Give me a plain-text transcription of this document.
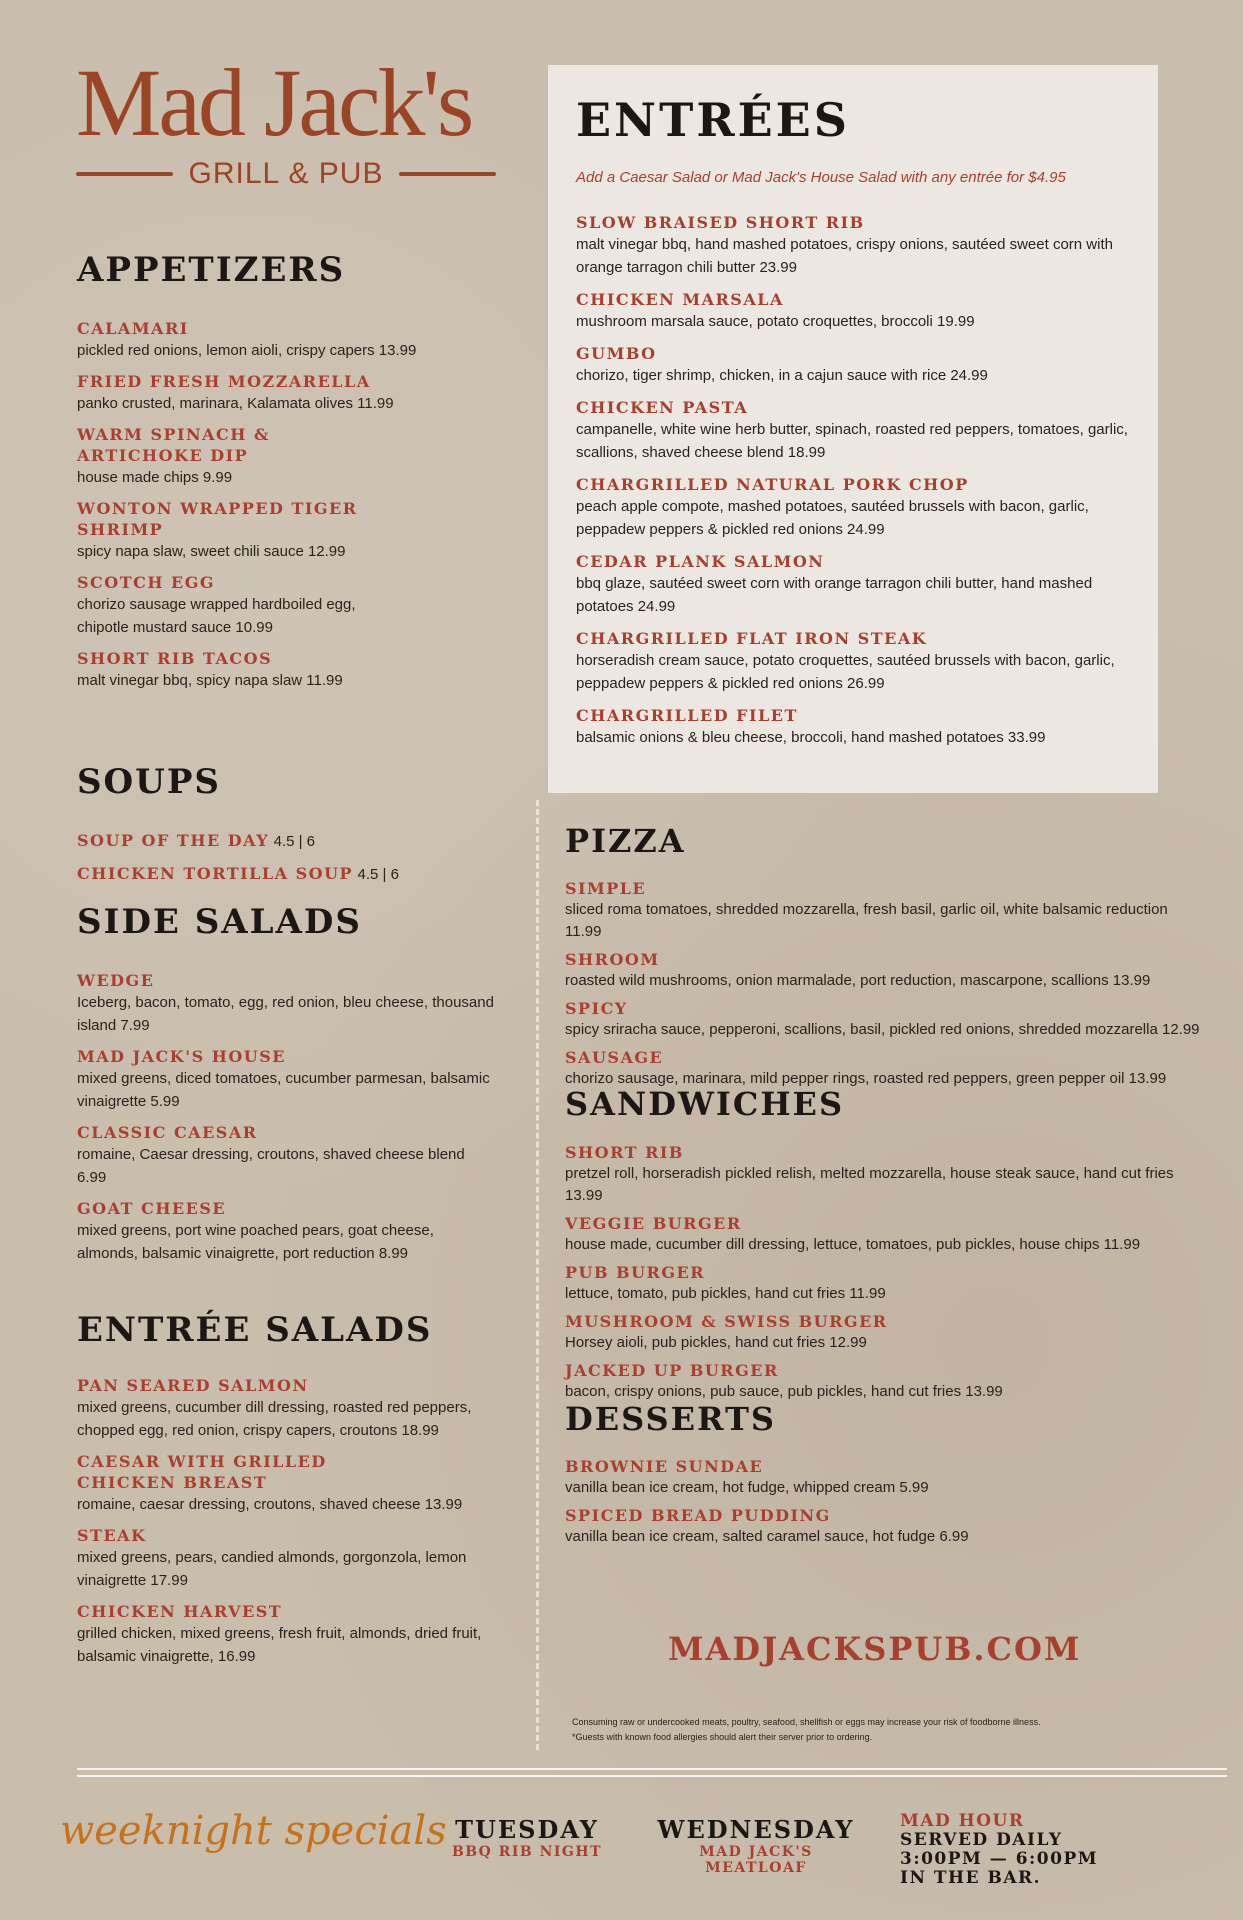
Mad Jack's
GRILL & PUB
APPETIZERS
CALAMARI
pickled red onions, lemon aioli, crispy capers 13.99
FRIED FRESH MOZZARELLA
panko crusted, marinara, Kalamata olives 11.99
WARM SPINACH & ARTICHOKE DIP
house made chips 9.99
WONTON WRAPPED TIGER SHRIMP
spicy napa slaw, sweet chili sauce 12.99
SCOTCH EGG
chorizo sausage wrapped hardboiled egg, chipotle mustard sauce 10.99
SHORT RIB TACOS
malt vinegar bbq, spicy napa slaw 11.99
SOUPS
SOUP OF THE DAY 4.5 | 6
CHICKEN TORTILLA SOUP 4.5 | 6
SIDE SALADS
WEDGE
Iceberg, bacon, tomato, egg, red onion, bleu cheese, thousand island 7.99
MAD JACK'S HOUSE
mixed greens, diced tomatoes, cucumber parmesan, balsamic vinaigrette 5.99
CLASSIC CAESAR
romaine, Caesar dressing, croutons, shaved cheese blend 6.99
GOAT CHEESE
mixed greens, port wine poached pears, goat cheese, almonds, balsamic vinaigrette, port reduction 8.99
ENTRÉE SALADS
PAN SEARED SALMON
mixed greens, cucumber dill dressing, roasted red peppers, chopped egg, red onion, crispy capers, croutons 18.99
CAESAR WITH GRILLED CHICKEN BREAST
romaine, caesar dressing, croutons, shaved cheese 13.99
STEAK
mixed greens, pears, candied almonds, gorgonzola, lemon vinaigrette 17.99
CHICKEN HARVEST
grilled chicken, mixed greens, fresh fruit, almonds, dried fruit, balsamic vinaigrette, 16.99
ENTRÉES
Add a Caesar Salad or Mad Jack's House Salad with any entrée for $4.95
SLOW BRAISED SHORT RIB
malt vinegar bbq, hand mashed potatoes, crispy onions, sautéed sweet corn with orange tarragon chili butter 23.99
CHICKEN MARSALA
mushroom marsala sauce, potato croquettes, broccoli 19.99
GUMBO
chorizo, tiger shrimp, chicken, in a cajun sauce with rice 24.99
CHICKEN PASTA
campanelle, white wine herb butter, spinach, roasted red peppers, tomatoes, garlic, scallions, shaved cheese blend 18.99
CHARGRILLED NATURAL PORK CHOP
peach apple compote, mashed potatoes, sautéed brussels with bacon, garlic, peppadew peppers & pickled red onions 24.99
CEDAR PLANK SALMON
bbq glaze, sautéed sweet corn with orange tarragon chili butter, hand mashed potatoes 24.99
CHARGRILLED FLAT IRON STEAK
horseradish cream sauce, potato croquettes, sautéed brussels with bacon, garlic, peppadew peppers & pickled red onions 26.99
CHARGRILLED FILET
balsamic onions & bleu cheese, broccoli, hand mashed potatoes 33.99
PIZZA
SIMPLE
sliced roma tomatoes, shredded mozzarella, fresh basil, garlic oil, white balsamic reduction 11.99
SHROOM
roasted wild mushrooms, onion marmalade, port reduction, mascarpone, scallions 13.99
SPICY
spicy sriracha sauce, pepperoni, scallions, basil, pickled red onions, shredded mozzarella 12.99
SAUSAGE
chorizo sausage, marinara, mild pepper rings, roasted red peppers, green pepper oil 13.99
SANDWICHES
SHORT RIB
pretzel roll, horseradish pickled relish, melted mozzarella, house steak sauce, hand cut fries 13.99
VEGGIE BURGER
house made, cucumber dill dressing, lettuce, tomatoes, pub pickles, house chips 11.99
PUB BURGER
lettuce, tomato, pub pickles, hand cut fries 11.99
MUSHROOM & SWISS BURGER
Horsey aioli, pub pickles, hand cut fries 12.99
JACKED UP BURGER
bacon, crispy onions, pub sauce, pub pickles, hand cut fries 13.99
DESSERTS
BROWNIE SUNDAE
vanilla bean ice cream, hot fudge, whipped cream 5.99
SPICED BREAD PUDDING
vanilla bean ice cream, salted caramel sauce, hot fudge 6.99
MADJACKSPUB.COM
Consuming raw or undercooked meats, poultry, seafood, shellfish or eggs may increase your risk of foodborne illness.
*Guests with known food allergies should alert their server prior to ordering.
weeknight specials TUESDAY
BBQ RIB NIGHT
WEDNESDAY
MAD JACK'S
MEATLOAF
MAD HOUR
SERVED DAILY
3:00PM — 6:00PM
IN THE BAR.
